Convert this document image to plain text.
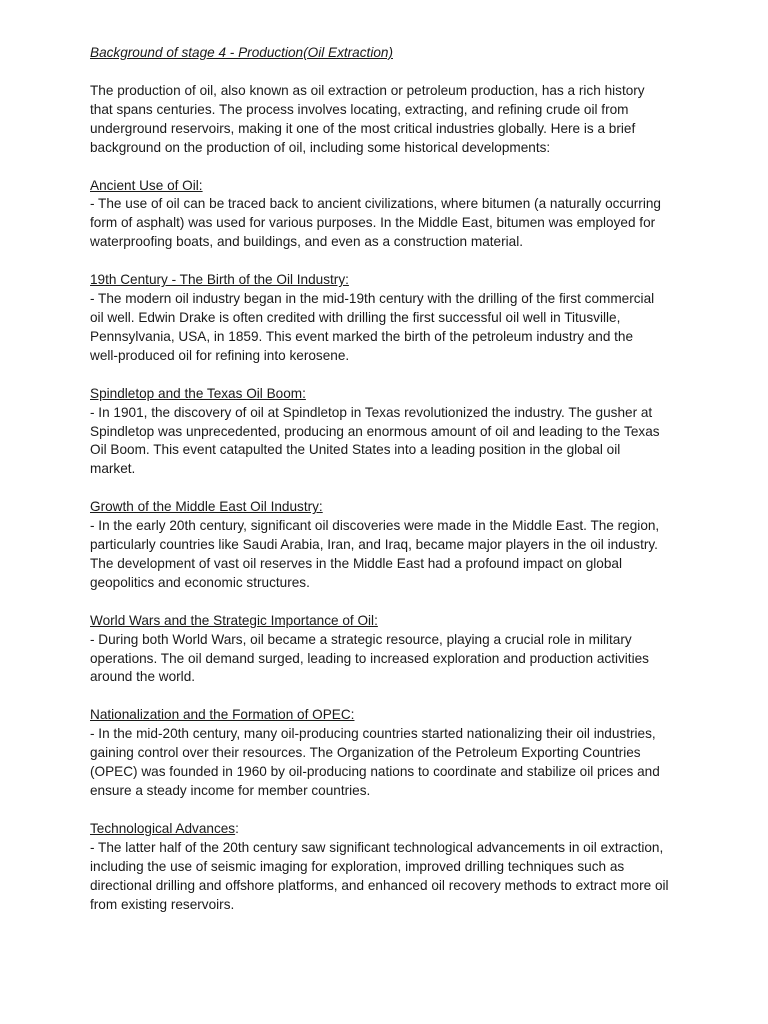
Background of stage 4 - Production(Oil Extraction)

The production of oil, also known as oil extraction or petroleum production, has a rich history
that spans centuries. The process involves locating, extracting, and refining crude oil from
underground reservoirs, making it one of the most critical industries globally. Here is a brief
background on the production of oil, including some historical developments:
Ancient Use of Oil:
- The use of oil can be traced back to ancient civilizations, where bitumen (a naturally occurring
form of asphalt) was used for various purposes. In the Middle East, bitumen was employed for
waterproofing boats, and buildings, and even as a construction material.
19th Century - The Birth of the Oil Industry:
- The modern oil industry began in the mid-19th century with the drilling of the first commercial
oil well. Edwin Drake is often credited with drilling the first successful oil well in Titusville,
Pennsylvania, USA, in 1859. This event marked the birth of the petroleum industry and the
well-produced oil for refining into kerosene.
Spindletop and the Texas Oil Boom:
- In 1901, the discovery of oil at Spindletop in Texas revolutionized the industry. The gusher at
Spindletop was unprecedented, producing an enormous amount of oil and leading to the Texas
Oil Boom. This event catapulted the United States into a leading position in the global oil
market.
Growth of the Middle East Oil Industry:
- In the early 20th century, significant oil discoveries were made in the Middle East. The region,
particularly countries like Saudi Arabia, Iran, and Iraq, became major players in the oil industry.
The development of vast oil reserves in the Middle East had a profound impact on global
geopolitics and economic structures.
World Wars and the Strategic Importance of Oil:
- During both World Wars, oil became a strategic resource, playing a crucial role in military
operations. The oil demand surged, leading to increased exploration and production activities
around the world.
Nationalization and the Formation of OPEC:
- In the mid-20th century, many oil-producing countries started nationalizing their oil industries,
gaining control over their resources. The Organization of the Petroleum Exporting Countries
(OPEC) was founded in 1960 by oil-producing nations to coordinate and stabilize oil prices and
ensure a steady income for member countries.
Technological Advances:
- The latter half of the 20th century saw significant technological advancements in oil extraction,
including the use of seismic imaging for exploration, improved drilling techniques such as
directional drilling and offshore platforms, and enhanced oil recovery methods to extract more oil
from existing reservoirs.
